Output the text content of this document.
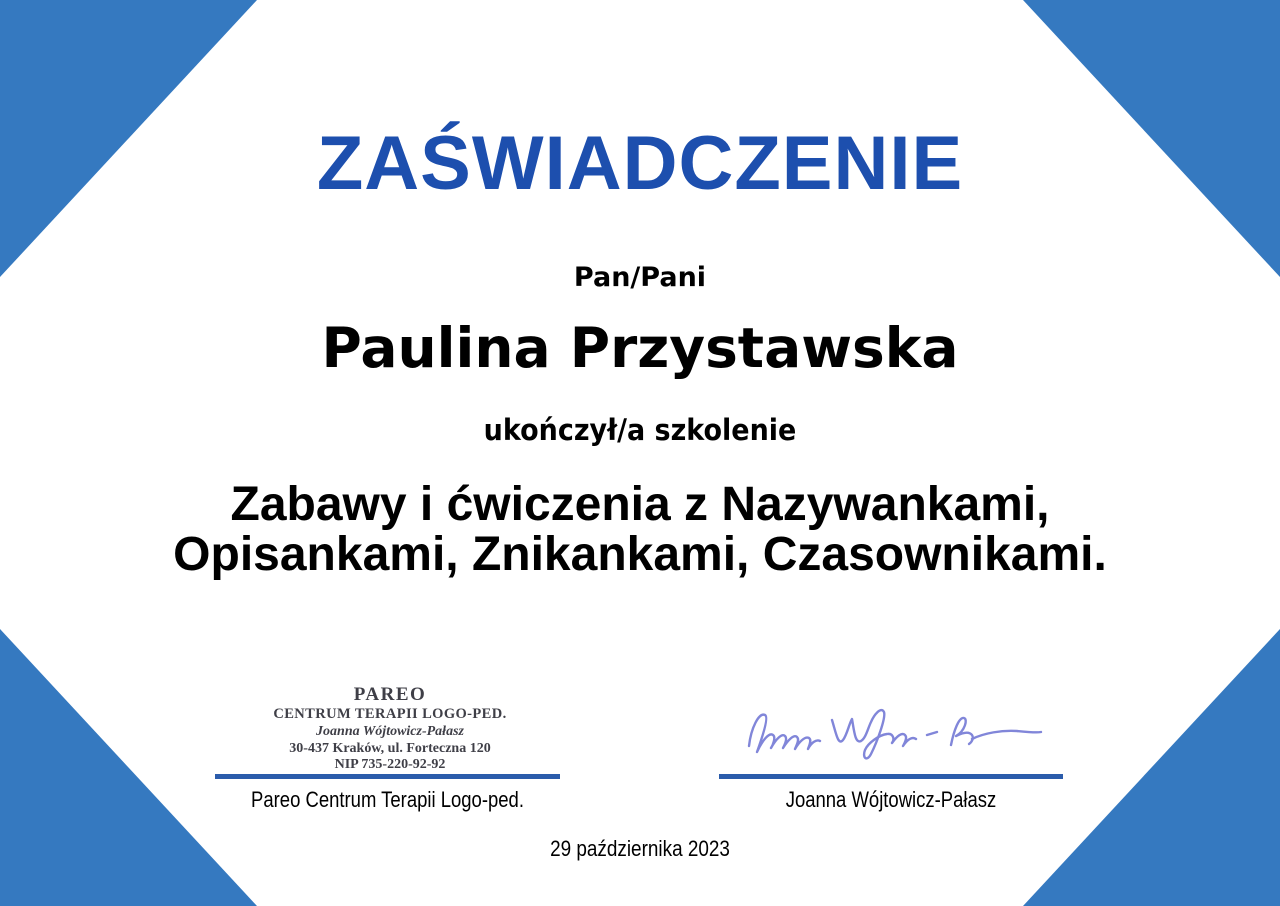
ZAŚWIADCZENIE
Pan/Pani
Paulina Przystawska
ukończył/a szkolenie
Zabawy i ćwiczenia z Nazywankami,
Opisankami, Znikankami, Czasownikami.
PAREO
CENTRUM TERAPII LOGO-PED.
Joanna Wójtowicz-Pałasz
30-437 Kraków, ul. Forteczna 120
NIP 735-220-92-92
Pareo Centrum Terapii Logo-ped.	Joanna Wójtowicz-Pałasz
29 października 2023
